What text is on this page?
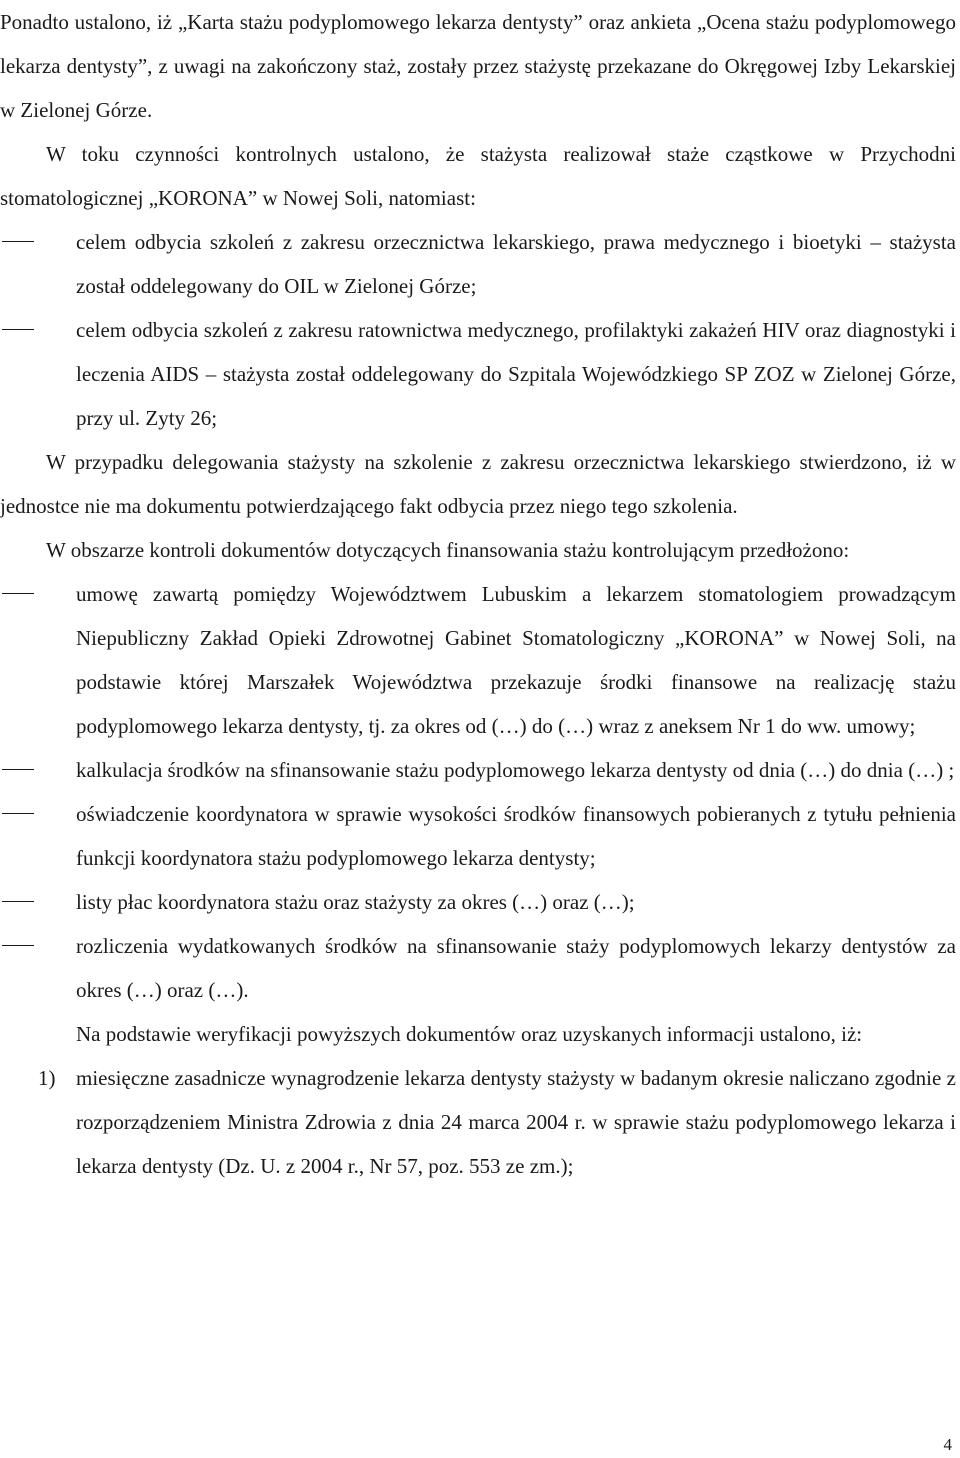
Ponadto ustalono, iż „Karta stażu podyplomowego lekarza dentysty” oraz ankieta „Ocena stażu podyplomowego lekarza dentysty”, z uwagi na zakończony staż, zostały przez stażystę przekazane do Okręgowej Izby Lekarskiej w Zielonej Górze.

W toku czynności kontrolnych ustalono, że stażysta realizował staże cząstkowe w Przychodni stomatologicznej „KORONA” w Nowej Soli, natomiast:

celem odbycia szkoleń z zakresu orzecznictwa lekarskiego, prawa medycznego i bioetyki – stażysta został oddelegowany do OIL w Zielonej Górze;
celem odbycia szkoleń z zakresu ratownictwa medycznego, profilaktyki zakażeń HIV oraz diagnostyki i leczenia AIDS – stażysta został oddelegowany do Szpitala Wojewódzkiego SP ZOZ w Zielonej Górze, przy ul. Zyty 26;

W przypadku delegowania stażysty na szkolenie z zakresu orzecznictwa lekarskiego stwierdzono, iż w jednostce nie ma dokumentu potwierdzającego fakt odbycia przez niego tego szkolenia.

W obszarze kontroli dokumentów dotyczących finansowania stażu kontrolującym przedłożono:

umowę zawartą pomiędzy Województwem Lubuskim a lekarzem stomatologiem prowadzącym Niepubliczny Zakład Opieki Zdrowotnej Gabinet Stomatologiczny „KORONA” w Nowej Soli, na podstawie której Marszałek Województwa przekazuje środki finansowe na realizację stażu podyplomowego lekarza dentysty, tj. za okres od (…) do (…) wraz z aneksem Nr 1 do ww. umowy;
kalkulacja środków na sfinansowanie stażu podyplomowego lekarza dentysty od dnia (…) do dnia (…) ;
oświadczenie koordynatora w sprawie wysokości środków finansowych pobieranych z tytułu pełnienia funkcji koordynatora stażu podyplomowego lekarza dentysty;
listy płac koordynatora stażu oraz stażysty za okres (…) oraz (…);
rozliczenia wydatkowanych środków na sfinansowanie staży podyplomowych lekarzy dentystów za okres (…) oraz (…).

Na podstawie weryfikacji powyższych dokumentów oraz uzyskanych informacji ustalono, iż:

1) miesięczne zasadnicze wynagrodzenie lekarza dentysty stażysty w badanym okresie naliczano zgodnie z rozporządzeniem Ministra Zdrowia z dnia 24 marca 2004 r. w sprawie stażu podyplomowego lekarza i lekarza dentysty (Dz. U. z 2004 r., Nr 57, poz. 553 ze zm.);
4
